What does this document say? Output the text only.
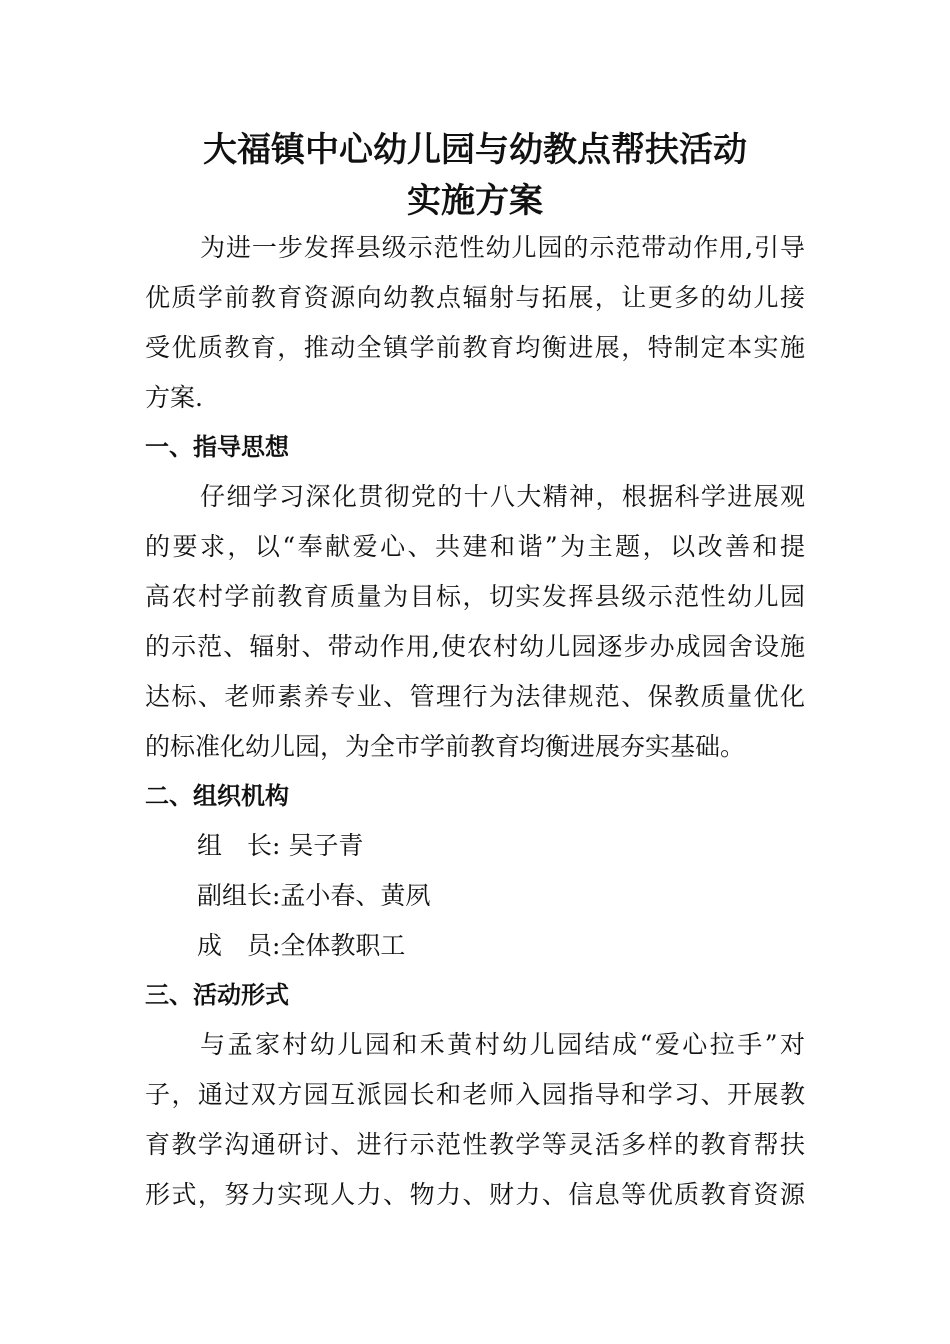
大福镇中心幼儿园与幼教点帮扶活动
实施方案

为进一步发挥县级示范性幼儿园的示范带动作用,引导

优质学前教育资源向幼教点辐射与拓展，让更多的幼儿接

受优质教育，推动全镇学前教育均衡进展，特制定本实施

方案.

一、指导思想

仔细学习深化贯彻党的十八大精神，根据科学进展观

的要求，以“奉献爱心、共建和谐”为主题，以改善和提

高农村学前教育质量为目标，切实发挥县级示范性幼儿园

的示范、辐射、带动作用,使农村幼儿园逐步办成园舍设施

达标、老师素养专业、管理行为法律规范、保教质量优化

的标准化幼儿园，为全市学前教育均衡进展夯实基础。

二、组织机构

组　长: 吴子青

副组长:孟小春、黄夙

成　员:全体教职工

三、活动形式

与孟家村幼儿园和禾黄村幼儿园结成“爱心拉手”对

子，通过双方园互派园长和老师入园指导和学习、开展教

育教学沟通研讨、进行示范性教学等灵活多样的教育帮扶

形式，努力实现人力、物力、财力、信息等优质教育资源
